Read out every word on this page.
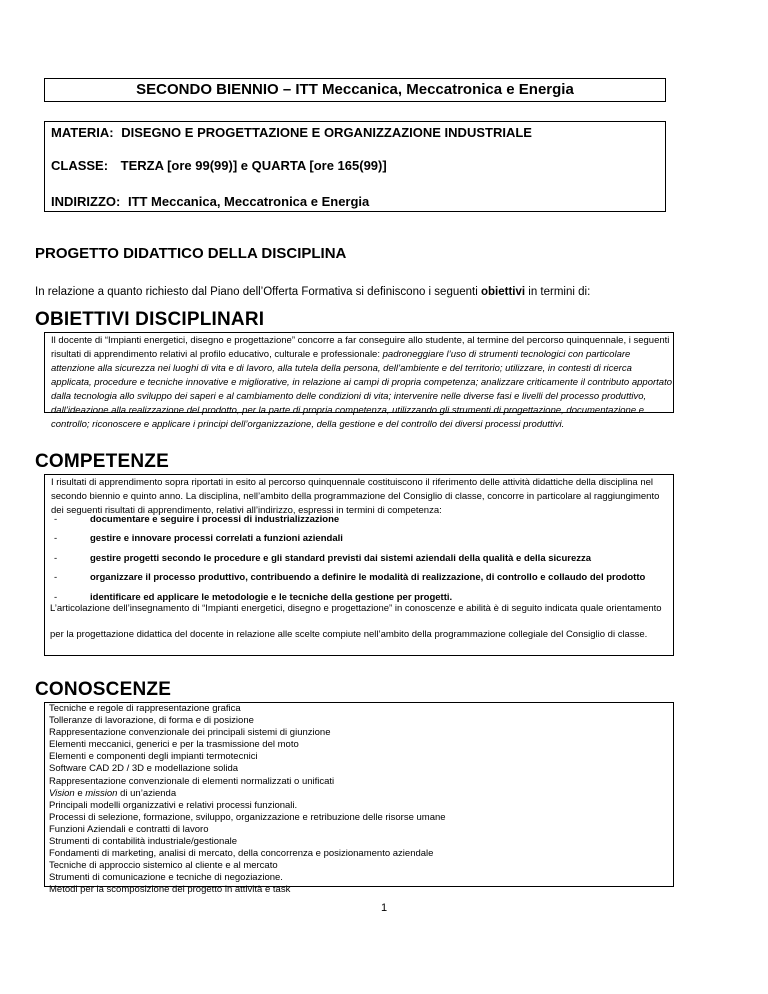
SECONDO BIENNIO – ITT Meccanica, Meccatronica e Energia
MATERIA: DISEGNO E PROGETTAZIONE E ORGANIZZAZIONE INDUSTRIALE
CLASSE: TERZA [ore 99(99)] e QUARTA [ore 165(99)]
INDIRIZZO: ITT Meccanica, Meccatronica e Energia
PROGETTO DIDATTICO DELLA DISCIPLINA
In relazione a quanto richiesto dal Piano dell’Offerta Formativa si definiscono i seguenti obiettivi in termini di:
OBIETTIVI DISCIPLINARI

Il docente di “Impianti energetici, disegno e progettazione” concorre a far conseguire allo studente, al termine del percorso quinquennale, i seguenti risultati di apprendimento relativi al profilo educativo, culturale e professionale: padroneggiare l’uso di strumenti tecnologici con particolare attenzione alla sicurezza nei luoghi di vita e di lavoro, alla tutela della persona, dell’ambiente e del territorio; utilizzare, in contesti di ricerca applicata, procedure e tecniche innovative e migliorative, in relazione ai campi di propria competenza; analizzare criticamente il contributo apportato dalla tecnologia allo sviluppo dei saperi e al cambiamento delle condizioni di vita; intervenire nelle diverse fasi e livelli del processo produttivo, dall’ideazione alla realizzazione del prodotto, per la parte di propria competenza, utilizzando gli strumenti di progettazione, documentazione e controllo; riconoscere e applicare i principi dell’organizzazione, della gestione e del controllo dei diversi processi produttivi.

COMPETENZE

I risultati di apprendimento sopra riportati in esito al percorso quinquennale costituiscono il riferimento delle attività didattiche della disciplina nel secondo biennio e quinto anno. La disciplina, nell’ambito della programmazione del Consiglio di classe, concorre in particolare al raggiungimento dei seguenti risultati di apprendimento, relativi all’indirizzo, espressi in termini di competenza:

-	documentare e seguire i processi di industrializzazione
-	gestire e innovare processi correlati a funzioni aziendali
-	gestire progetti secondo le procedure e gli standard previsti dai sistemi aziendali della qualità e della sicurezza
-	organizzare il processo produttivo, contribuendo a definire le modalità di realizzazione, di controllo e collaudo del prodotto
-	identificare ed applicare le metodologie e le tecniche della gestione per progetti.
CONOSCENZE
Tecniche e regole di rappresentazione grafica
Tolleranze di lavorazione, di forma e di posizione
Rappresentazione convenzionale dei principali sistemi di giunzione
Elementi meccanici, generici e per la trasmissione del moto
Elementi e componenti degli impianti termotecnici
Software CAD 2D / 3D e modellazione solida
Rappresentazione convenzionale di elementi normalizzati o unificati
Vision e mission di un’azienda
Principali modelli organizzativi e relativi processi funzionali.
Processi di selezione, formazione, sviluppo, organizzazione e retribuzione delle risorse umane
Funzioni Aziendali e contratti di lavoro
Strumenti di contabilità industriale/gestionale
Fondamenti di marketing, analisi di mercato, della concorrenza e posizionamento aziendale
Tecniche di approccio sistemico al cliente e al mercato
Strumenti di comunicazione e tecniche di negoziazione.
Metodi per la scomposizione del progetto in attività e task
1
L’articolazione dell’insegnamento di “Impianti energetici, disegno e progettazione” in conoscenze e abilità è di seguito indicata quale orientamento
per la progettazione didattica del docente in relazione alle scelte compiute nell’ambito della programmazione collegiale del Consiglio di classe.
